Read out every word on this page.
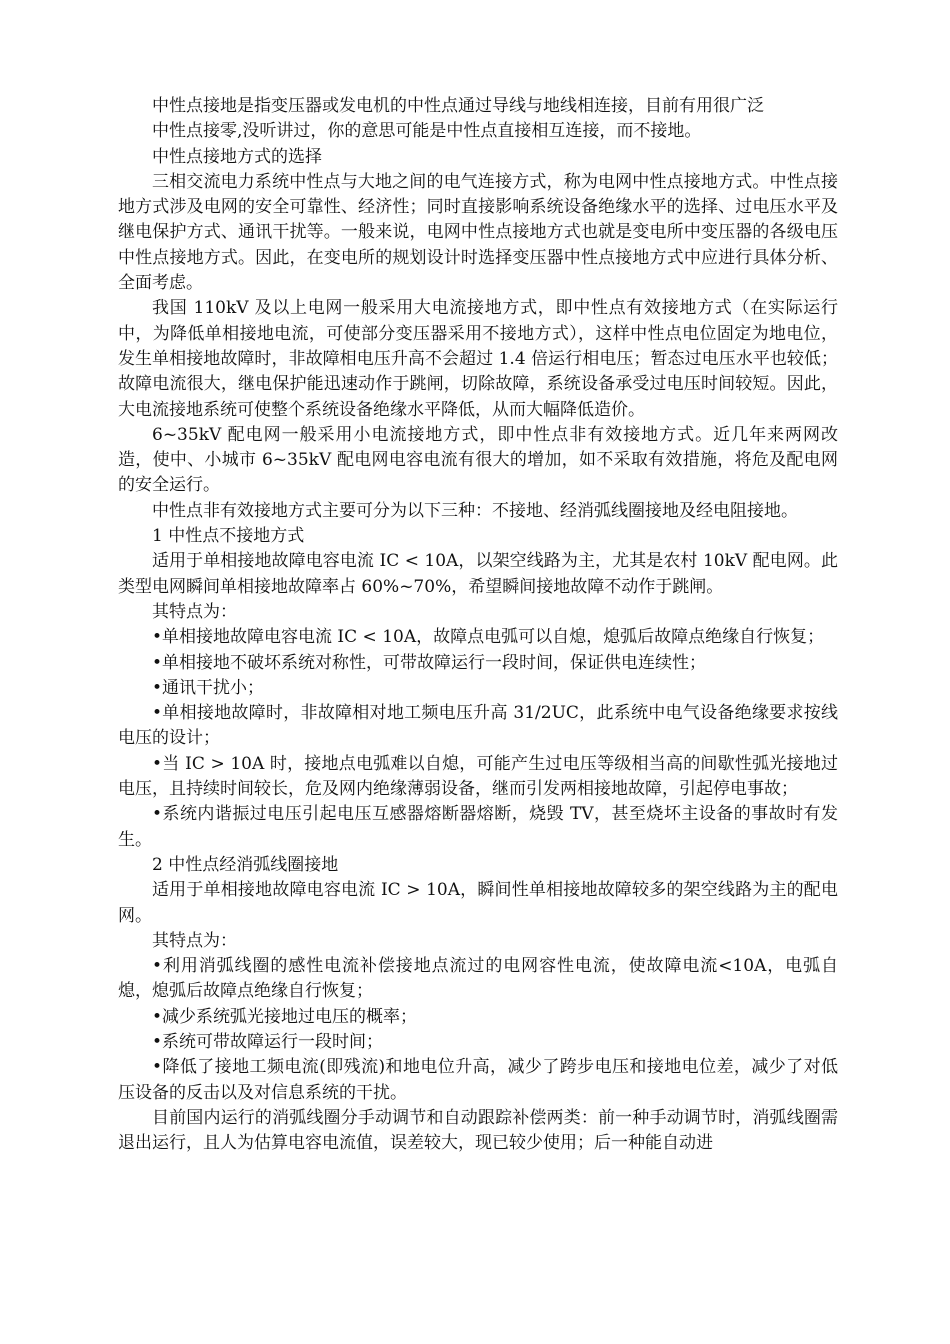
中性点接地是指变压器或发电机的中性点通过导线与地线相连接，目前有用很广泛

中性点接零,没听讲过，你的意思可能是中性点直接相互连接，而不接地。

中性点接地方式的选择

三相交流电力系统中性点与大地之间的电气连接方式，称为电网中性点接地方式。中性点接地方式涉及电网的安全可靠性、经济性；同时直接影响系统设备绝缘水平的选择、过电压水平及继电保护方式、通讯干扰等。一般来说，电网中性点接地方式也就是变电所中变压器的各级电压中性点接地方式。因此，在变电所的规划设计时选择变压器中性点接地方式中应进行具体分析、全面考虑。

我国 110kV 及以上电网一般采用大电流接地方式，即中性点有效接地方式（在实际运行中，为降低单相接地电流，可使部分变压器采用不接地方式），这样中性点电位固定为地电位，发生单相接地故障时，非故障相电压升高不会超过 1.4 倍运行相电压；暂态过电压水平也较低；故障电流很大，继电保护能迅速动作于跳闸，切除故障，系统设备承受过电压时间较短。因此，大电流接地系统可使整个系统设备绝缘水平降低，从而大幅降低造价。

6~35kV 配电网一般采用小电流接地方式，即中性点非有效接地方式。近几年来两网改造，使中、小城市 6~35kV 配电网电容电流有很大的增加，如不采取有效措施，将危及配电网的安全运行。

中性点非有效接地方式主要可分为以下三种：不接地、经消弧线圈接地及经电阻接地。

1 中性点不接地方式

适用于单相接地故障电容电流 IC < 10A，以架空线路为主，尤其是农村 10kV 配电网。此类型电网瞬间单相接地故障率占 60%~70%，希望瞬间接地故障不动作于跳闸。

其特点为：

•单相接地故障电容电流 IC < 10A，故障点电弧可以自熄，熄弧后故障点绝缘自行恢复；

•单相接地不破坏系统对称性，可带故障运行一段时间，保证供电连续性；

•通讯干扰小；

•单相接地故障时，非故障相对地工频电压升高 31/2UC，此系统中电气设备绝缘要求按线电压的设计；

•当 IC > 10A 时，接地点电弧难以自熄，可能产生过电压等级相当高的间歇性弧光接地过电压，且持续时间较长，危及网内绝缘薄弱设备，继而引发两相接地故障，引起停电事故；

•系统内谐振过电压引起电压互感器熔断器熔断，烧毁 TV，甚至烧坏主设备的事故时有发生。

2 中性点经消弧线圈接地

适用于单相接地故障电容电流 IC > 10A，瞬间性单相接地故障较多的架空线路为主的配电网。

其特点为：

•利用消弧线圈的感性电流补偿接地点流过的电网容性电流，使故障电流<10A，电弧自熄，熄弧后故障点绝缘自行恢复；

•减少系统弧光接地过电压的概率；

•系统可带故障运行一段时间；

•降低了接地工频电流(即残流)和地电位升高，减少了跨步电压和接地电位差，减少了对低压设备的反击以及对信息系统的干扰。

目前国内运行的消弧线圈分手动调节和自动跟踪补偿两类：前一种手动调节时，消弧线圈需退出运行，且人为估算电容电流值，误差较大，现已较少使用；后一种能自动进
